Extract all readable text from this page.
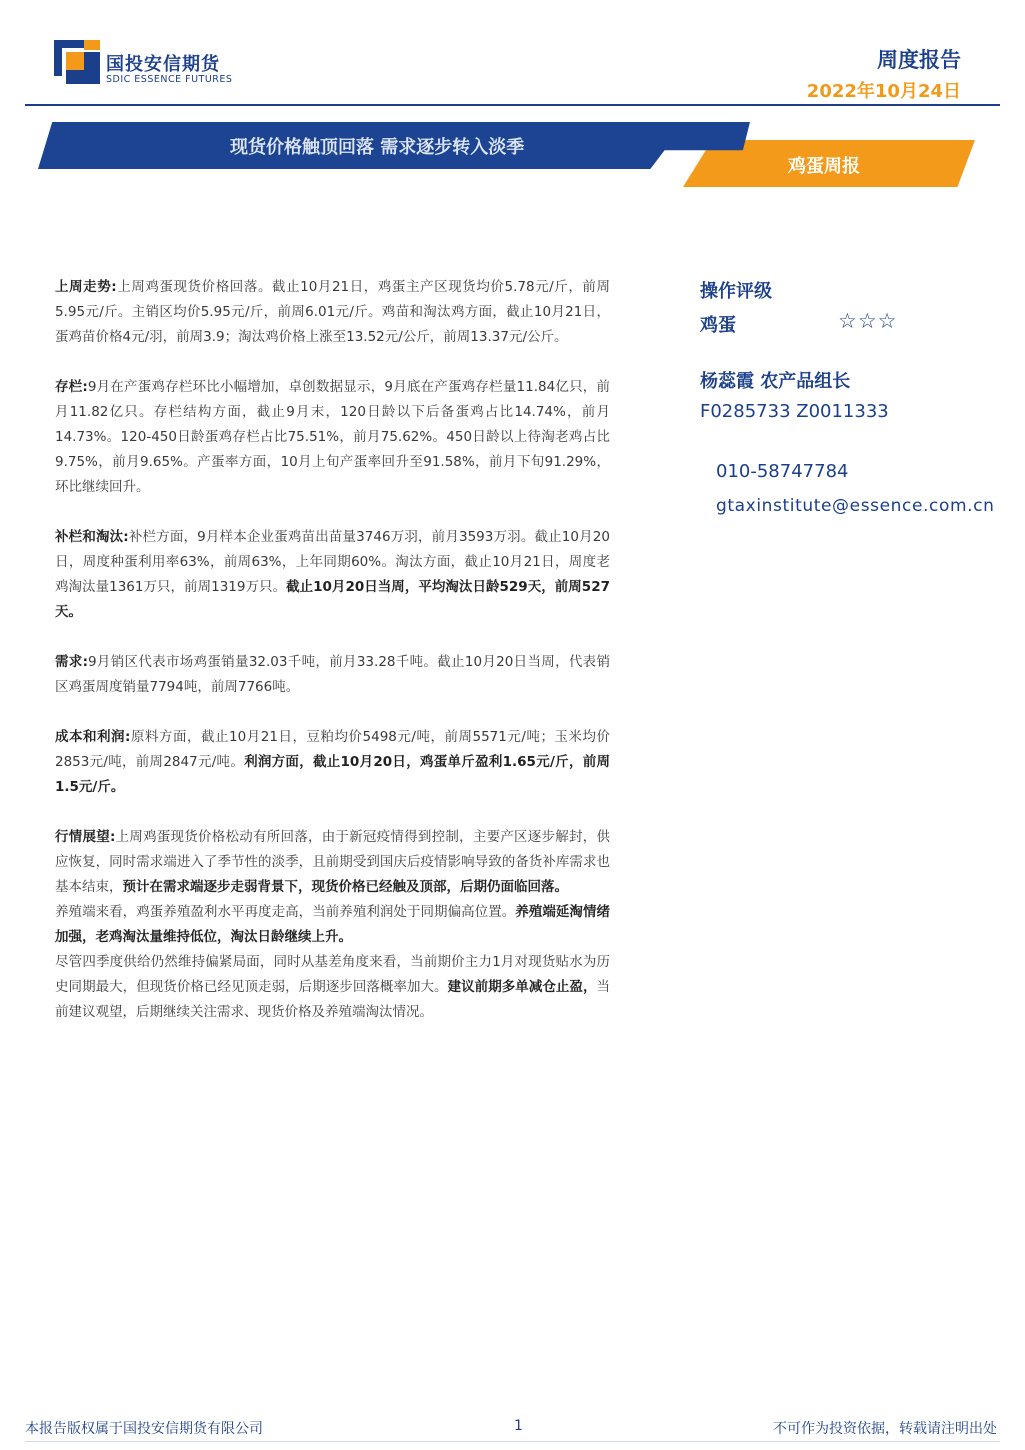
国投安信期货
SDIC ESSENCE FUTURES
周度报告
2022年10月24日
现货价格触顶回落 需求逐步转入淡季
鸡蛋周报

上周走势:上周鸡蛋现货价格回落。截止10月21日，鸡蛋主产区现货均价5.78元/斤，前周5.95元/斤。主销区均价5.95元/斤，前周6.01元/斤。鸡苗和淘汰鸡方面，截止10月21日，蛋鸡苗价格4元/羽，前周3.9；淘汰鸡价格上涨至13.52元/公斤，前周13.37元/公斤。

存栏:9月在产蛋鸡存栏环比小幅增加，卓创数据显示，9月底在产蛋鸡存栏量11.84亿只，前月11.82亿只。存栏结构方面，截止9月末，120日龄以下后备蛋鸡占比14.74%，前月14.73%。120-450日龄蛋鸡存栏占比75.51%，前月75.62%。450日龄以上待淘老鸡占比9.75%，前月9.65%。产蛋率方面，10月上旬产蛋率回升至91.58%，前月下旬91.29%，环比继续回升。

补栏和淘汰:补栏方面，9月样本企业蛋鸡苗出苗量3746万羽，前月3593万羽。截止10月20日，周度种蛋利用率63%，前周63%，上年同期60%。淘汰方面，截止10月21日，周度老鸡淘汰量1361万只，前周1319万只。截止10月20日当周，平均淘汰日龄529天，前周527天。

需求:9月销区代表市场鸡蛋销量32.03千吨，前月33.28千吨。截止10月20日当周，代表销区鸡蛋周度销量7794吨，前周7766吨。

成本和利润:原料方面，截止10月21日，豆粕均价5498元/吨，前周5571元/吨；玉米均价2853元/吨，前周2847元/吨。利润方面，截止10月20日，鸡蛋单斤盈利1.65元/斤，前周1.5元/斤。

行情展望:上周鸡蛋现货价格松动有所回落，由于新冠疫情得到控制，主要产区逐步解封，供应恢复，同时需求端进入了季节性的淡季，且前期受到国庆后疫情影响导致的备货补库需求也基本结束，预计在需求端逐步走弱背景下，现货价格已经触及顶部，后期仍面临回落。

养殖端来看，鸡蛋养殖盈利水平再度走高，当前养殖利润处于同期偏高位置。养殖端延淘情绪加强，老鸡淘汰量维持低位，淘汰日龄继续上升。

尽管四季度供给仍然维持偏紧局面，同时从基差角度来看，当前期价主力1月对现货贴水为历史同期最大，但现货价格已经见顶走弱，后期逐步回落概率加大。建议前期多单减仓止盈，当前建议观望，后期继续关注需求、现货价格及养殖端淘汰情况。

操作评级
鸡蛋	☆☆☆
杨蕊霞 农产品组长
F0285733 Z0011333
010-58747784
gtaxinstitute@essence.com.cn
本报告版权属于国投安信期货有限公司	1	不可作为投资依据，转载请注明出处
